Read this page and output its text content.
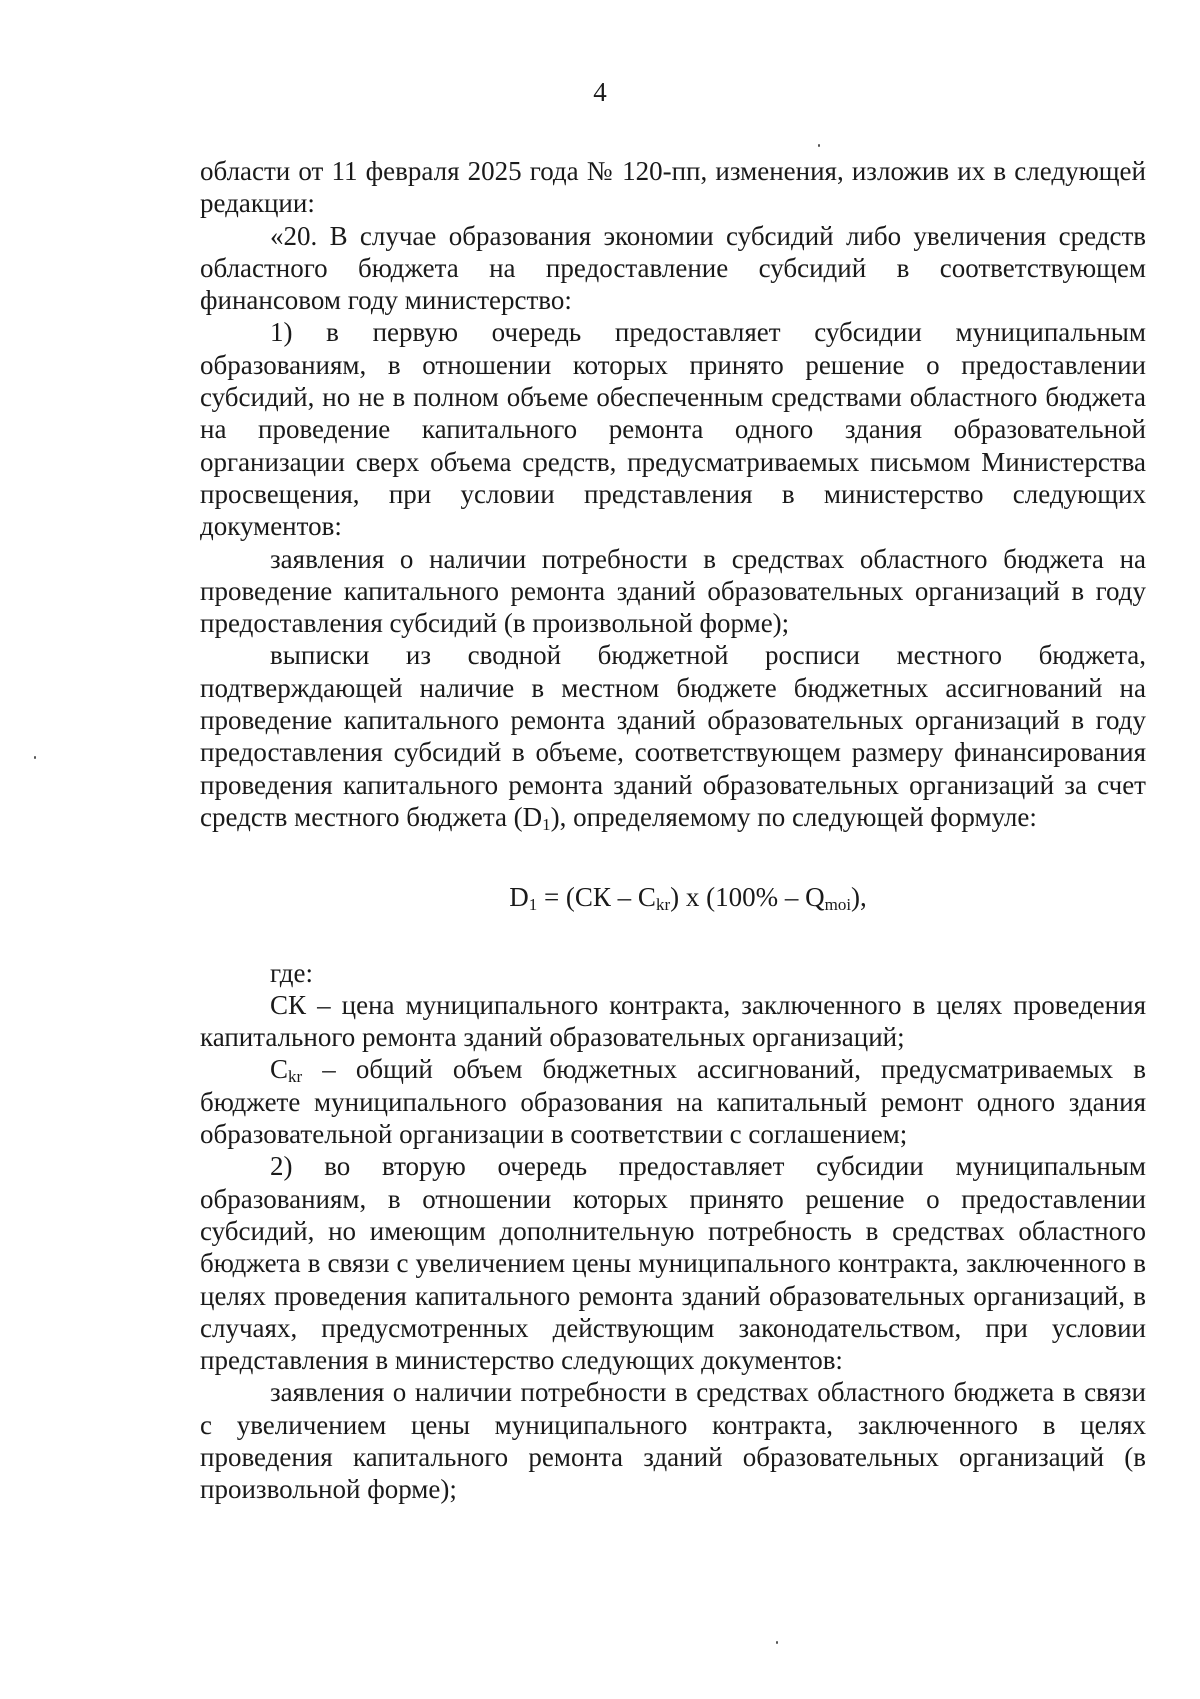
4

области от 11 февраля 2025 года № 120-пп, изменения, изложив их в следующей редакции:

«20. В случае образования экономии субсидий либо увеличения средств областного бюджета на предоставление субсидий в соответствующем финансовом году министерство:

1) в первую очередь предоставляет субсидии муниципальным образованиям, в отношении которых принято решение о предоставлении субсидий, но не в полном объеме обеспеченным средствами областного бюджета на проведение капитального ремонта одного здания образовательной организации сверх объема средств, предусматриваемых письмом Министерства просвещения, при условии представления в министерство следующих документов:

заявления о наличии потребности в средствах областного бюджета на проведение капитального ремонта зданий образовательных организаций в году предоставления субсидий (в произвольной форме);

выписки из сводной бюджетной росписи местного бюджета, подтверждающей наличие в местном бюджете бюджетных ассигнований на проведение капитального ремонта зданий образовательных организаций в году предоставления субсидий в объеме, соответствующем размеру финансирования проведения капитального ремонта зданий образовательных организаций за счет средств местного бюджета $(D_1)$, определяемому по следующей формуле:

$D_1 = (СК - С_{kr})$ х $(100\% - Q_{moi})$,

где:

СК – цена муниципального контракта, заключенного в целях проведения капитального ремонта зданий образовательных организаций;

$С_{kr}$ – общий объем бюджетных ассигнований, предусматриваемых в бюджете муниципального образования на капитальный ремонт одного здания образовательной организации в соответствии с соглашением;

2) во вторую очередь предоставляет субсидии муниципальным образованиям, в отношении которых принято решение о предоставлении субсидий, но имеющим дополнительную потребность в средствах областного бюджета в связи с увеличением цены муниципального контракта, заключенного в целях проведения капитального ремонта зданий образовательных организаций, в случаях, предусмотренных действующим законодательством, при условии представления в министерство следующих документов:

заявления о наличии потребности в средствах областного бюджета в связи с увеличением цены муниципального контракта, заключенного в целях проведения капитального ремонта зданий образовательных организаций (в произвольной форме);
